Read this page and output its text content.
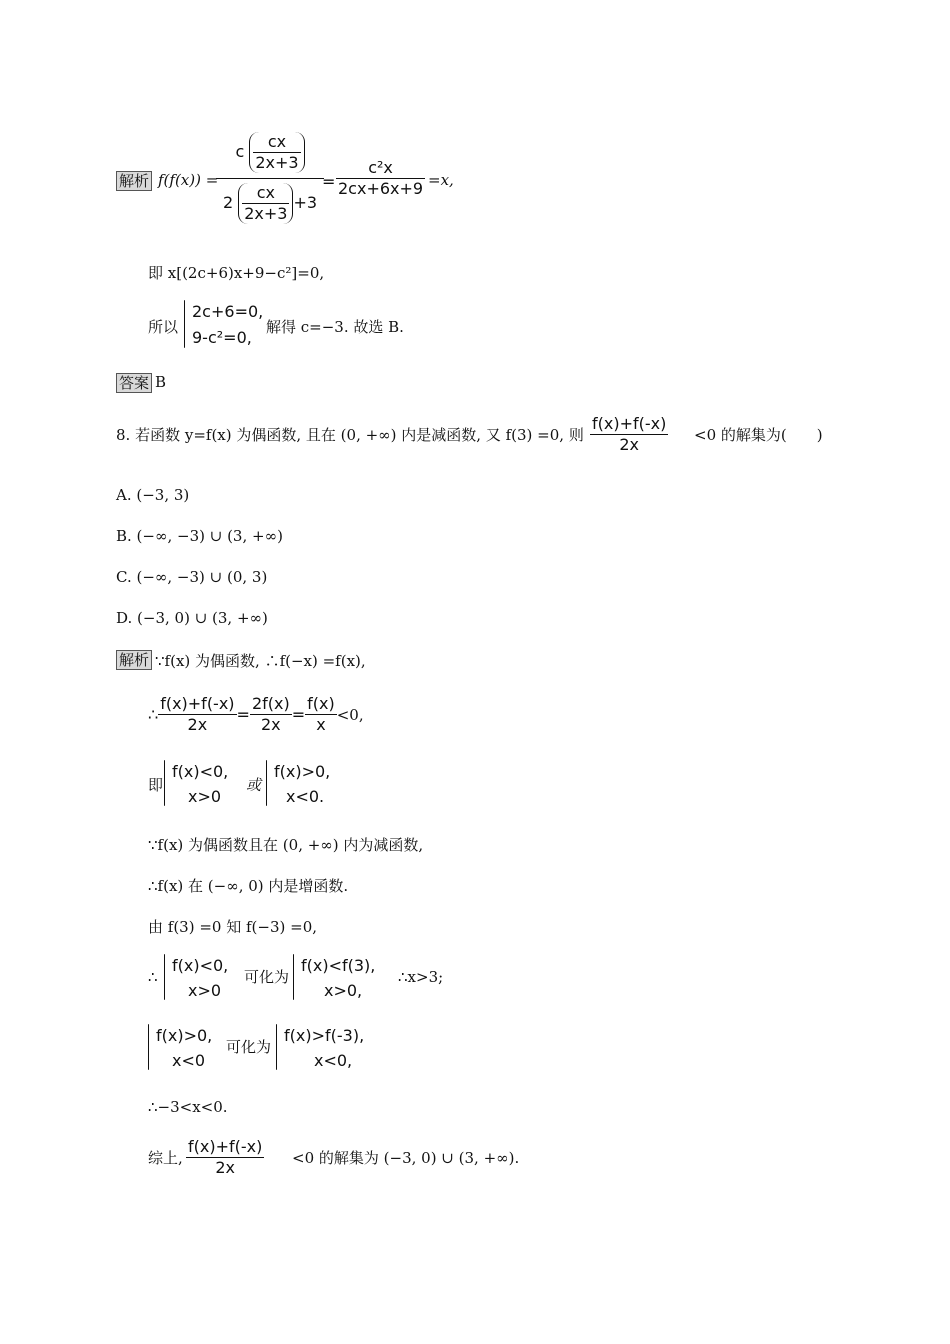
解析 f(f(x)) =
c $\frac{cx}{2x+3}$
$2 \frac{cx}{2x+3} +3$
= $\frac{\text{c²x}}{2cx+6x+9} =x$,
即 x[(2c+6)x+9−c²]=0,
所以
2c+6=0,
9-c²=0,
解得 c=−3. 故选 B.
答案 B
8. 若函数 y=f(x) 为偶函数, 且在 (0, +∞) 内是减函数, 又 f(3) =0, 则 $\frac{f(x)+f(-x)}{2x} <0$ 的解集为(　　)
A. (−3, 3)
B. (−∞, −3) ∪ (3, +∞)
C. (−∞, −3) ∪ (0, 3)
D. (−3, 0) ∪ (3, +∞)
解析 ∵f(x) 为偶函数, ∴f(−x) =f(x),
∴ $\frac{f(x)+f(-x)}{2x} = \frac{2f(x)}{2x} = \frac{f(x)}{x} <0$,
即
f(x)<0,
x>0
或
f(x)>0,
x<0.
∵f(x) 为偶函数且在 (0, +∞) 内为减函数,
∴f(x) 在 (−∞, 0) 内是增函数.
由 f(3) =0 知 f(−3) =0,
∴
f(x)<0,
x>0
可化为
f(x)<f(3),
x>0,
∴x>3;
f(x)>0,
x<0
可化为
f(x)>f(-3),
x<0,
∴−3<x<0.
综上, $\frac{f(x)+f(-x)}{2x} <0$ 的解集为 (−3, 0) ∪ (3, +∞).
